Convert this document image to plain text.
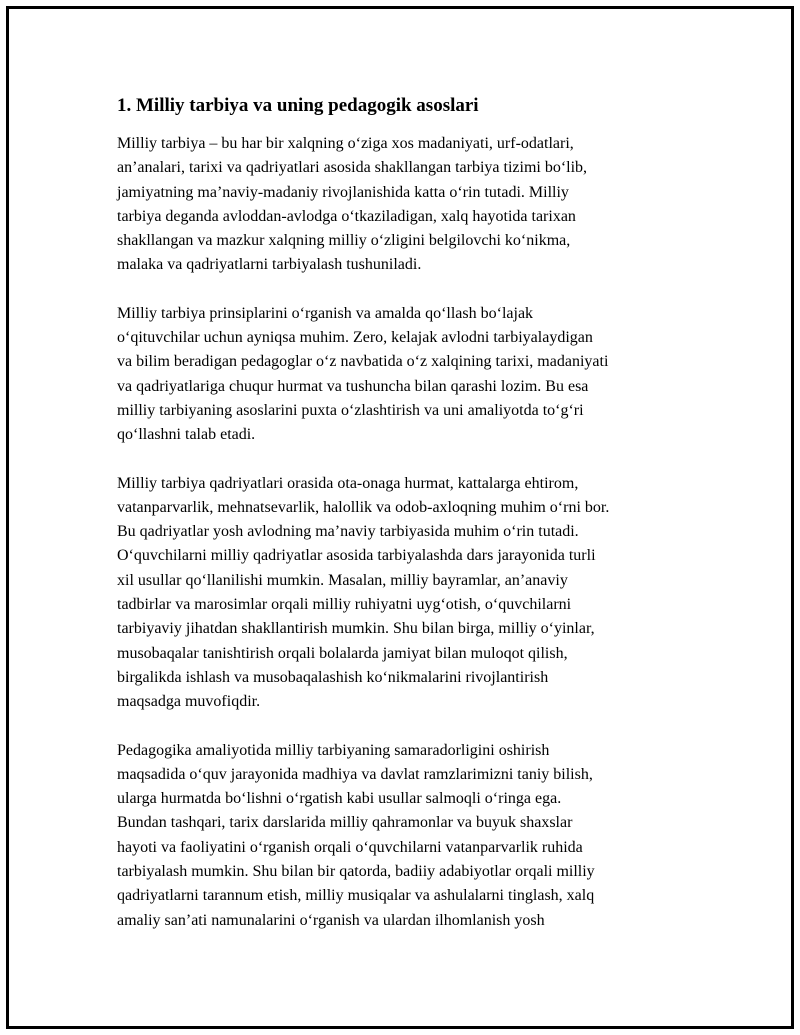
1. Milliy tarbiya va uning pedagogik asoslari
Milliy tarbiya – bu har bir xalqning o‘ziga xos madaniyati, urf-odatlari,
an’analari, tarixi va qadriyatlari asosida shakllangan tarbiya tizimi bo‘lib,
jamiyatning ma’naviy-madaniy rivojlanishida katta o‘rin tutadi. Milliy
tarbiya deganda avloddan-avlodga o‘tkaziladigan, xalq hayotida tarixan
shakllangan va mazkur xalqning milliy o‘zligini belgilovchi ko‘nikma,
malaka va qadriyatlarni tarbiyalash tushuniladi.
Milliy tarbiya prinsiplarini o‘rganish va amalda qo‘llash bo‘lajak
o‘qituvchilar uchun ayniqsa muhim. Zero, kelajak avlodni tarbiyalaydigan
va bilim beradigan pedagoglar o‘z navbatida o‘z xalqining tarixi, madaniyati
va qadriyatlariga chuqur hurmat va tushuncha bilan qarashi lozim. Bu esa
milliy tarbiyaning asoslarini puxta o‘zlashtirish va uni amaliyotda to‘g‘ri
qo‘llashni talab etadi.
Milliy tarbiya qadriyatlari orasida ota-onaga hurmat, kattalarga ehtirom,
vatanparvarlik, mehnatsevarlik, halollik va odob-axloqning muhim o‘rni bor.
Bu qadriyatlar yosh avlodning ma’naviy tarbiyasida muhim o‘rin tutadi.
O‘quvchilarni milliy qadriyatlar asosida tarbiyalashda dars jarayonida turli
xil usullar qo‘llanilishi mumkin. Masalan, milliy bayramlar, an’anaviy
tadbirlar va marosimlar orqali milliy ruhiyatni uyg‘otish, o‘quvchilarni
tarbiyaviy jihatdan shakllantirish mumkin. Shu bilan birga, milliy o‘yinlar,
musobaqalar tanishtirish orqali bolalarda jamiyat bilan muloqot qilish,
birgalikda ishlash va musobaqalashish ko‘nikmalarini rivojlantirish
maqsadga muvofiqdir.
Pedagogika amaliyotida milliy tarbiyaning samaradorligini oshirish
maqsadida o‘quv jarayonida madhiya va davlat ramzlarimizni taniy bilish,
ularga hurmatda bo‘lishni o‘rgatish kabi usullar salmoqli o‘ringa ega.
Bundan tashqari, tarix darslarida milliy qahramonlar va buyuk shaxslar
hayoti va faoliyatini o‘rganish orqali o‘quvchilarni vatanparvarlik ruhida
tarbiyalash mumkin. Shu bilan bir qatorda, badiiy adabiyotlar orqali milliy
qadriyatlarni tarannum etish, milliy musiqalar va ashulalarni tinglash, xalq
amaliy san’ati namunalarini o‘rganish va ulardan ilhomlanish yosh
